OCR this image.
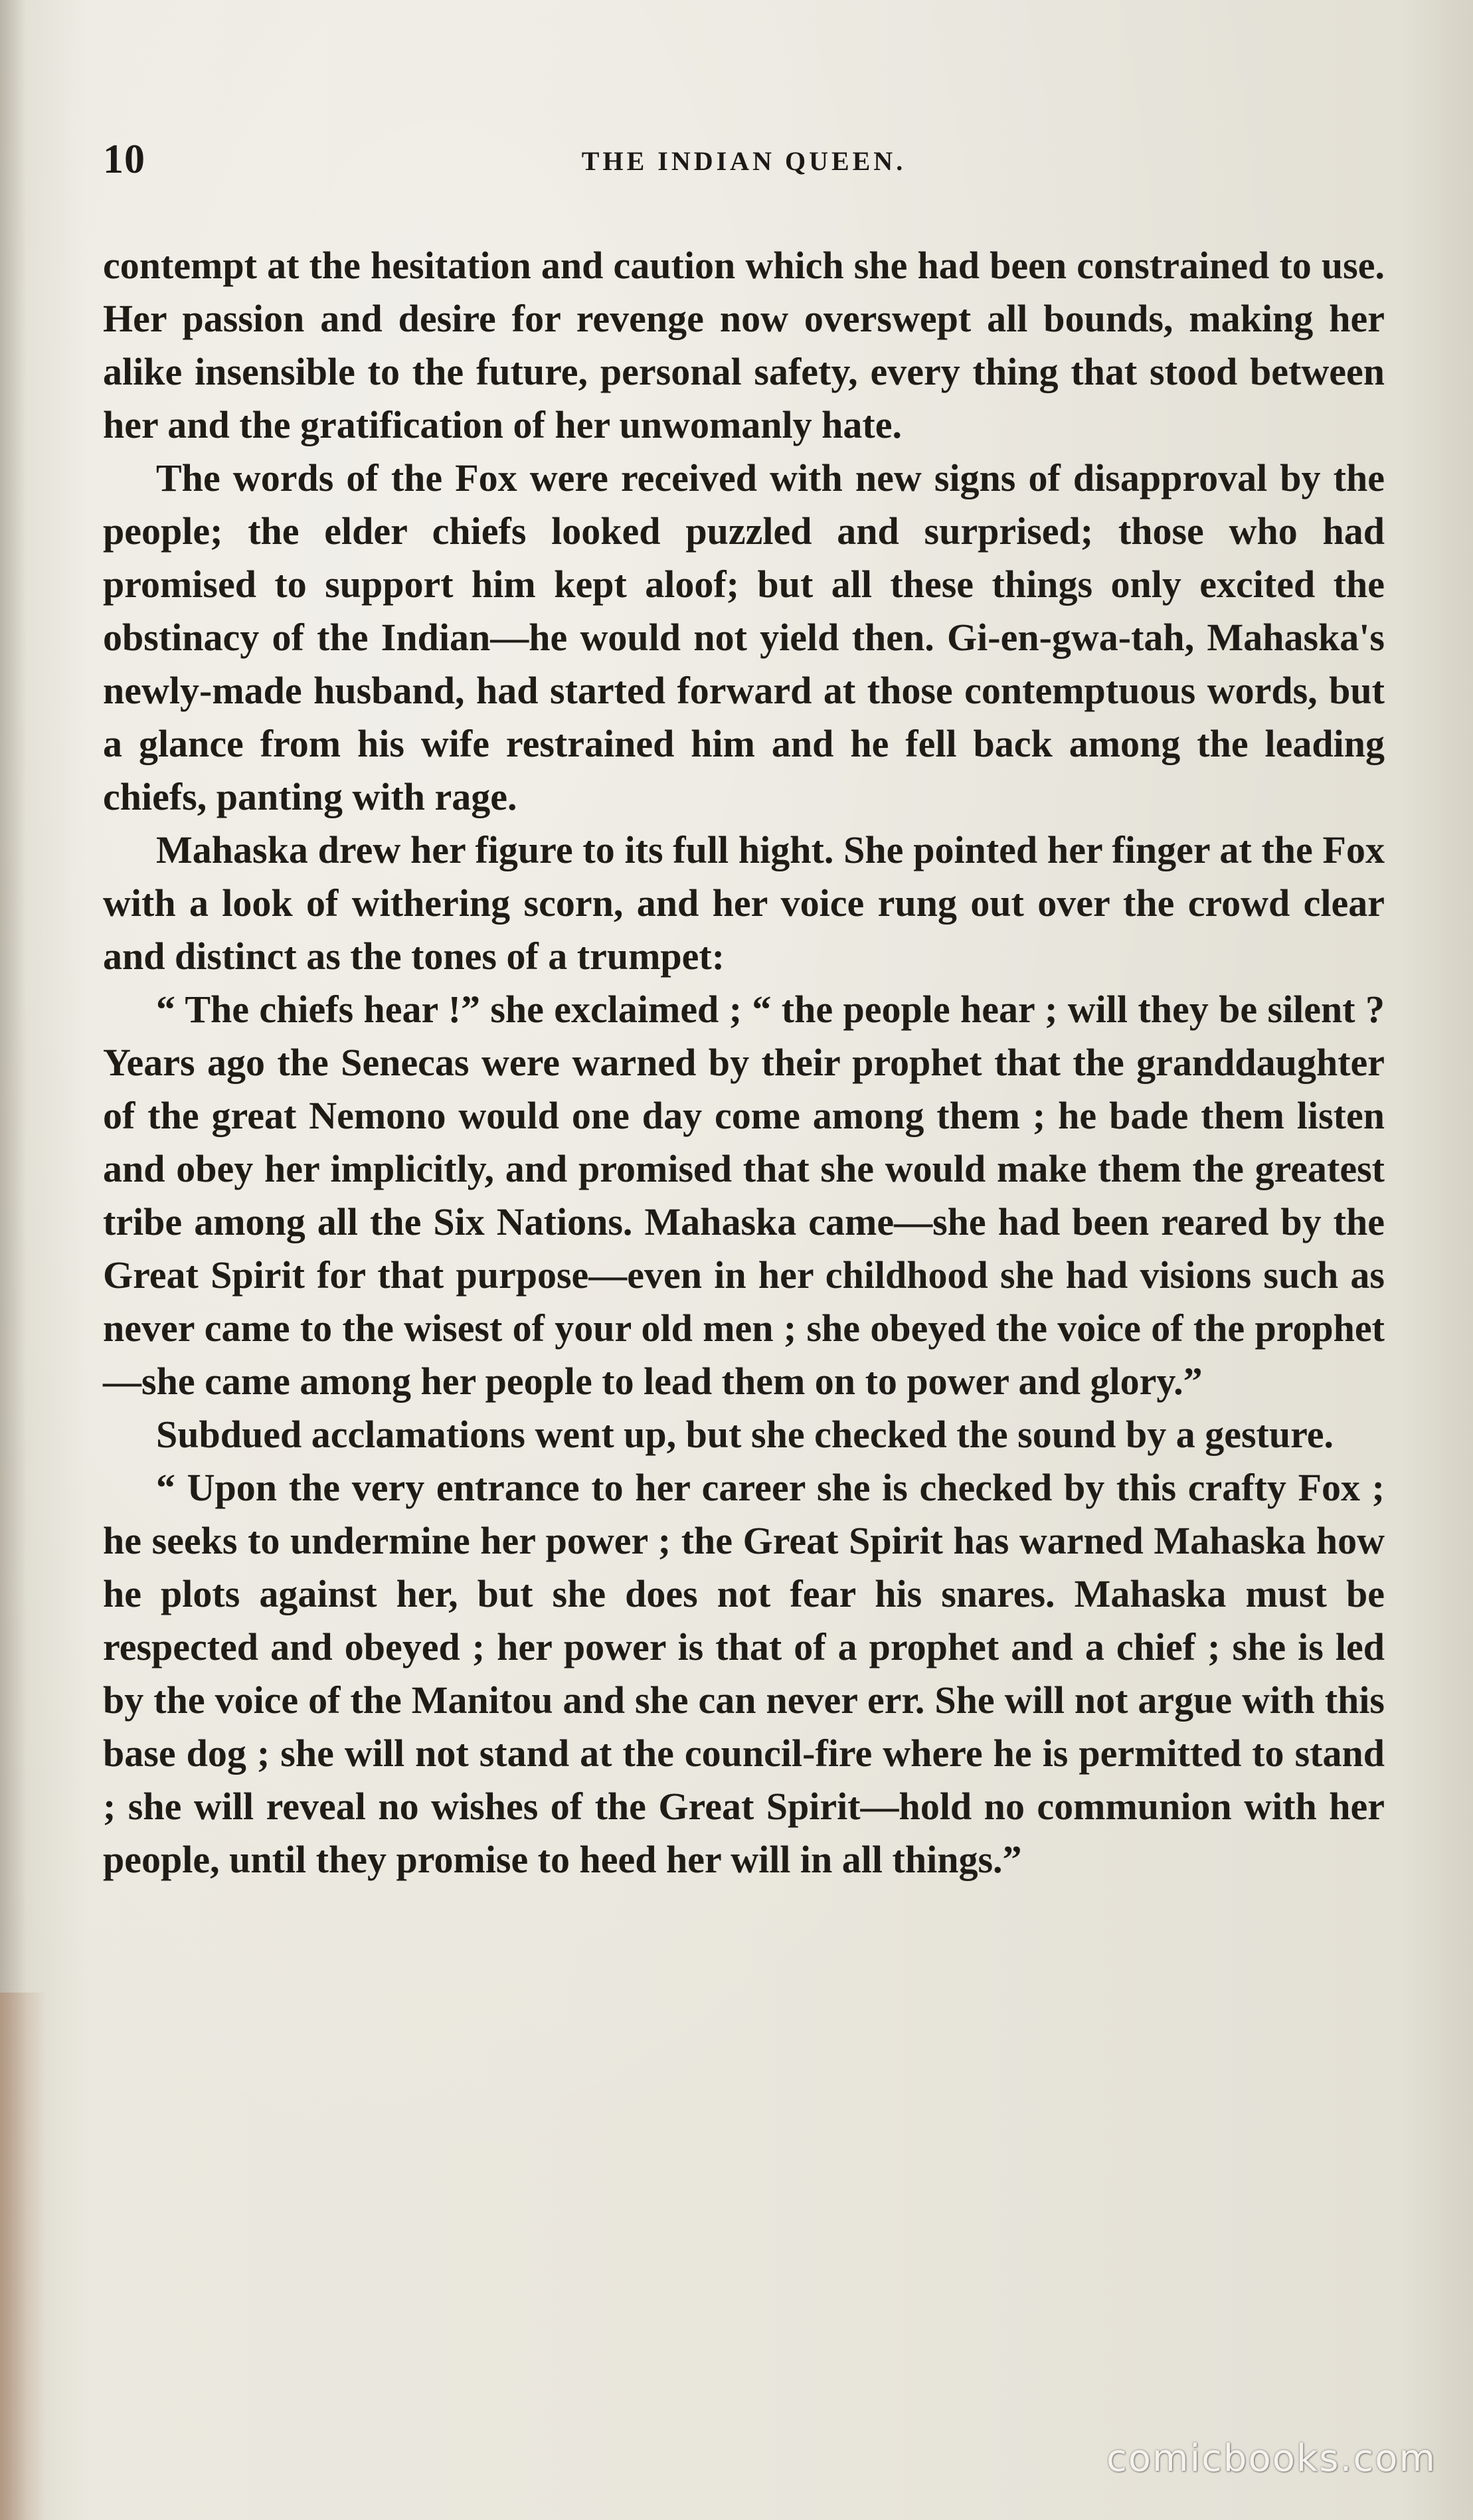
10	THE INDIAN QUEEN.

contempt at the hesitation and caution which she had been constrained to use. Her passion and desire for revenge now overswept all bounds, making her alike insensible to the future, personal safety, every thing that stood between her and the gratification of her unwomanly hate.

The words of the Fox were received with new signs of disapproval by the people; the elder chiefs looked puzzled and surprised; those who had promised to support him kept aloof; but all these things only excited the obstinacy of the Indian—he would not yield then. Gi-en-gwa-tah, Mahaska's newly-made husband, had started forward at those contemptuous words, but a glance from his wife restrained him and he fell back among the leading chiefs, panting with rage.

Mahaska drew her figure to its full hight. She pointed her finger at the Fox with a look of withering scorn, and her voice rung out over the crowd clear and distinct as the tones of a trumpet:

“ The chiefs hear !” she exclaimed ; “ the people hear ; will they be silent ? Years ago the Senecas were warned by their prophet that the granddaughter of the great Nemono would one day come among them ; he bade them listen and obey her implicitly, and promised that she would make them the greatest tribe among all the Six Nations. Mahaska came—she had been reared by the Great Spirit for that purpose—even in her childhood she had visions such as never came to the wisest of your old men ; she obeyed the voice of the prophet—she came among her people to lead them on to power and glory.”

Subdued acclamations went up, but she checked the sound by a gesture.

“ Upon the very entrance to her career she is checked by this crafty Fox ; he seeks to undermine her power ; the Great Spirit has warned Mahaska how he plots against her, but she does not fear his snares. Mahaska must be respected and obeyed ; her power is that of a prophet and a chief ; she is led by the voice of the Manitou and she can never err. She will not argue with this base dog ; she will not stand at the council-fire where he is permitted to stand ; she will reveal no wishes of the Great Spirit—hold no communion with her people, until they promise to heed her will in all things.”

comicbooks.com
